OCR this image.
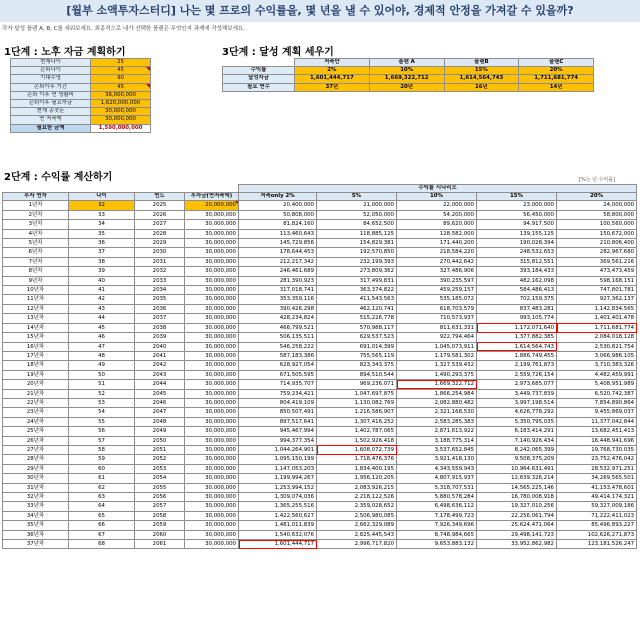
[월부 소액투자스터디] 나는 몇 프로의 수익률을, 몇 년을 낼 수 있어야, 경제적 안정을 가져갈 수 있을까?
각자 달성 플랜 A, B, C를 세워보세요. 최종적으로 내가 선택한 플랜은 무엇인지 과제에 작성해보세요.
1단계 : 노후 자금 계획하기
현재나이	25
은퇴나이	45
기대수명	90
은퇴이후 기간	45
은퇴 이후 연 생활비	36,000,000
은퇴이후 필요자금	1,620,000,000
현재 종잣돈	30,000,000
연 저축액	30,000,000
필요한 금액	1,590,000,000
3단계 : 달성 계획 세우기
	저축만	플랜 A	플랜B	플랜C
수익률	2%	10%	15%	20%
달성자금	1,601,444,717	1,669,322,712	1,614,564,743	1,711,681,774
필요 연수	37년	20년	16년	14년
2단계 : 수익률 계산하기	[%는 년 수익률]
				수익률 시나리오				
투자 연차	나이	연도	투자금(연저축액)	저축only 2%	5%	10%	15%	20%
1년차	32	2025	20,000,000	20,400,000	21,000,000	22,000,000	23,000,000	24,000,000
2년차	33	2026	30,000,000	50,808,000	52,050,000	54,200,000	56,450,000	58,800,000
3년차	34	2027	30,000,000	81,824,160	84,652,500	89,620,000	94,917,500	100,560,000
4년차	35	2028	30,000,000	113,460,643	118,885,125	128,582,000	139,155,125	150,672,000
5년차	36	2029	30,000,000	145,729,856	154,829,381	171,440,200	190,028,394	210,806,400
6년차	37	2030	30,000,000	178,644,453	192,570,850	218,584,220	248,532,653	282,967,680
7년차	38	2031	30,000,000	212,217,342	232,199,393	270,442,642	315,812,551	369,561,216
8년차	39	2032	30,000,000	246,461,689	273,809,362	327,486,906	393,184,433	473,473,459
9년차	40	2033	30,000,000	281,390,923	317,499,831	390,235,597	482,162,098	598,168,151
10년차	41	2034	30,000,000	317,018,741	363,374,822	459,259,157	584,486,413	747,801,781
11년차	42	2035	30,000,000	353,359,116	411,543,563	535,185,072	702,159,375	927,362,137
12년차	43	2036	30,000,000	390,426,298	462,120,741	618,703,579	837,483,281	1,142,834,565
13년차	44	2037	30,000,000	428,234,824	515,226,778	710,573,937	993,105,774	1,401,401,478
14년차	45	2038	30,000,000	466,799,521	570,988,117	811,631,331	1,172,071,640	1,711,681,774
15년차	46	2039	30,000,000	506,135,511	629,537,523	922,794,464	1,377,882,385	2,084,018,128
16년차	47	2040	30,000,000	546,258,222	691,014,399	1,045,073,911	1,614,564,743	2,530,821,754
17년차	48	2041	30,000,000	587,183,386	755,565,119	1,179,581,302	1,886,749,455	3,066,986,105
18년차	49	2042	30,000,000	628,927,054	823,343,375	1,327,539,432	2,199,761,873	3,710,383,326
19년차	50	2043	30,000,000	671,505,595	894,510,544	1,490,293,375	2,559,726,154	4,482,459,991
20년차	51	2044	30,000,000	714,935,707	969,236,071	1,669,322,712	2,973,685,077	5,408,951,989
21년차	52	2045	30,000,000	759,234,421	1,047,697,875	1,866,254,984	3,449,737,839	6,520,742,387
22년차	53	2046	30,000,000	804,419,109	1,130,082,769	2,082,880,482	3,997,198,514	7,854,890,864
23년차	54	2047	30,000,000	850,507,491	1,216,586,907	2,321,168,530	4,626,778,292	9,455,869,037
24년차	55	2048	30,000,000	897,517,641	1,307,416,252	2,583,285,383	5,350,795,035	11,377,042,844
25년차	56	2049	30,000,000	945,467,994	1,402,787,065	2,871,613,922	6,183,414,291	13,682,451,413
26년차	57	2050	30,000,000	994,377,354	1,502,926,418	3,188,775,314	7,140,926,434	16,448,941,696
27년차	58	2051	30,000,000	1,044,264,901	1,608,072,739	3,537,652,845	8,242,065,399	19,768,730,035
28년차	59	2052	30,000,000	1,095,150,199	1,718,476,376	3,921,418,130	9,508,375,209	23,752,476,042
29년차	60	2053	30,000,000	1,147,053,203	1,834,400,195	4,343,559,943	10,964,631,491	28,532,971,251
30년차	61	2054	30,000,000	1,199,994,267	1,956,120,205	4,807,915,937	12,639,326,214	34,269,565,501
31년차	62	2055	30,000,000	1,253,994,152	2,083,926,215	5,318,707,531	14,565,225,146	41,153,478,601
32년차	63	2056	30,000,000	1,309,074,036	2,218,122,526	5,880,578,284	16,780,008,918	49,414,174,321
33년차	64	2057	30,000,000	1,365,255,516	2,359,028,652	6,498,636,112	19,327,010,256	59,327,009,186
34년차	65	2058	30,000,000	1,422,560,627	2,506,980,085	7,178,499,723	22,256,061,794	71,222,411,023
35년차	66	2059	30,000,000	1,481,011,839	2,662,329,089	7,926,349,696	25,624,471,064	85,496,893,227
36년차	67	2060	30,000,000	1,540,632,076	2,825,445,543	8,748,984,665	29,498,141,723	102,626,271,873
37년차	68	2061	30,000,000	1,601,444,717	2,996,717,820	9,653,883,132	33,952,862,982	123,181,526,247
